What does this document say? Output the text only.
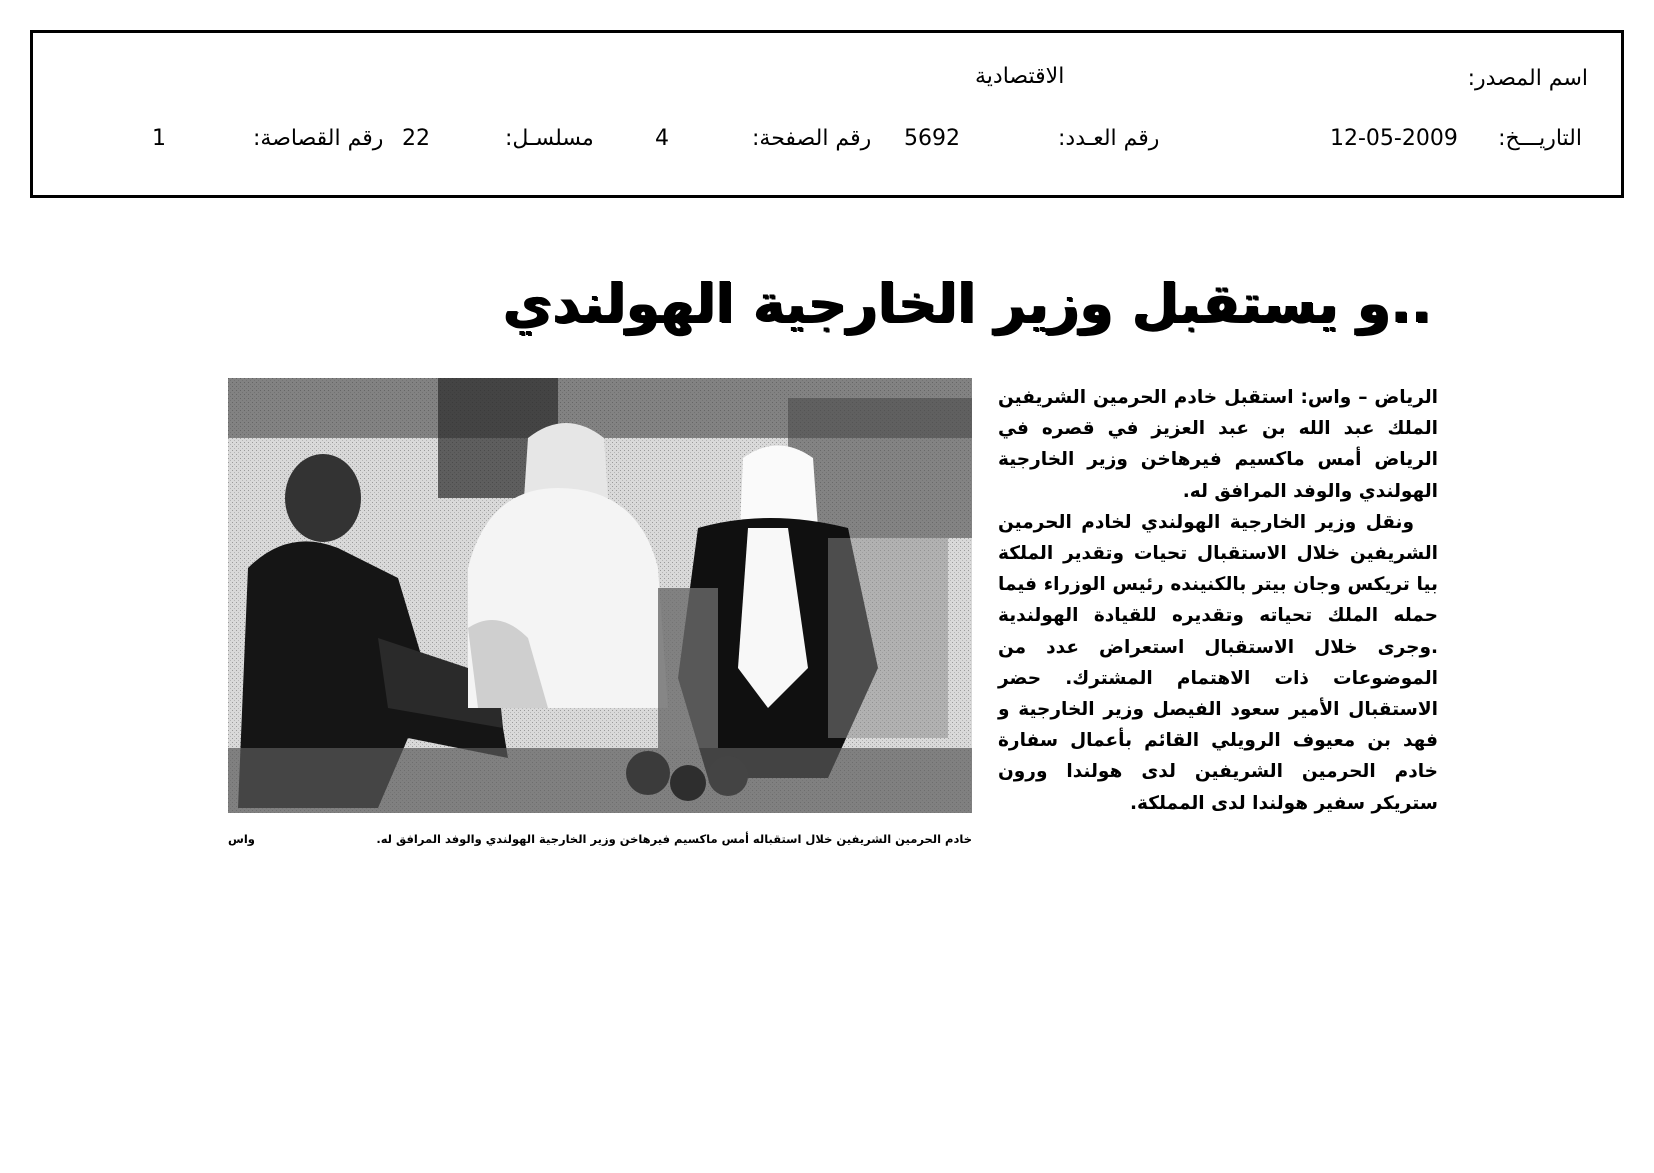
اسم المصدر:
الاقتصادية
التاريـــخ:
12-05-2009
رقم العـدد:
5692
رقم الصفحة:
4
مسلسـل:
22
رقم القصاصة:
1
..و يستقبل وزير الخارجية الهولندي

الرياض – واس: استقبل خادم الحرمين الشريفين الملك عبد الله بن عبد العزيز في قصره في الرياض أمس ماكسيم فيرهاخن وزير الخارجية الهولندي والوفد المرافق له.

ونقل وزير الخارجية الهولندي لخادم الحرمين الشريفين خلال الاستقبال تحيات وتقدير الملكة بيا تريكس وجان بيتر بالكنينده رئيس الوزراء فيما حمله الملك تحياته وتقديره للقيادة الهولندية .وجرى خلال الاستقبال استعراض عدد من الموضوعات ذات الاهتمام المشترك. حضر الاستقبال الأمير سعود الفيصل وزير الخارجية و فهد بن معيوف الرويلي القائم بأعمال سفارة خادم الحرمين الشريفين لدى هولندا ورون ستريكر سفير هولندا لدى المملكة.

خادم الحرمين الشريفين خلال استقباله أمس ماكسيم فيرهاخن وزير الخارجية الهولندي والوفد المرافق له.
واس
